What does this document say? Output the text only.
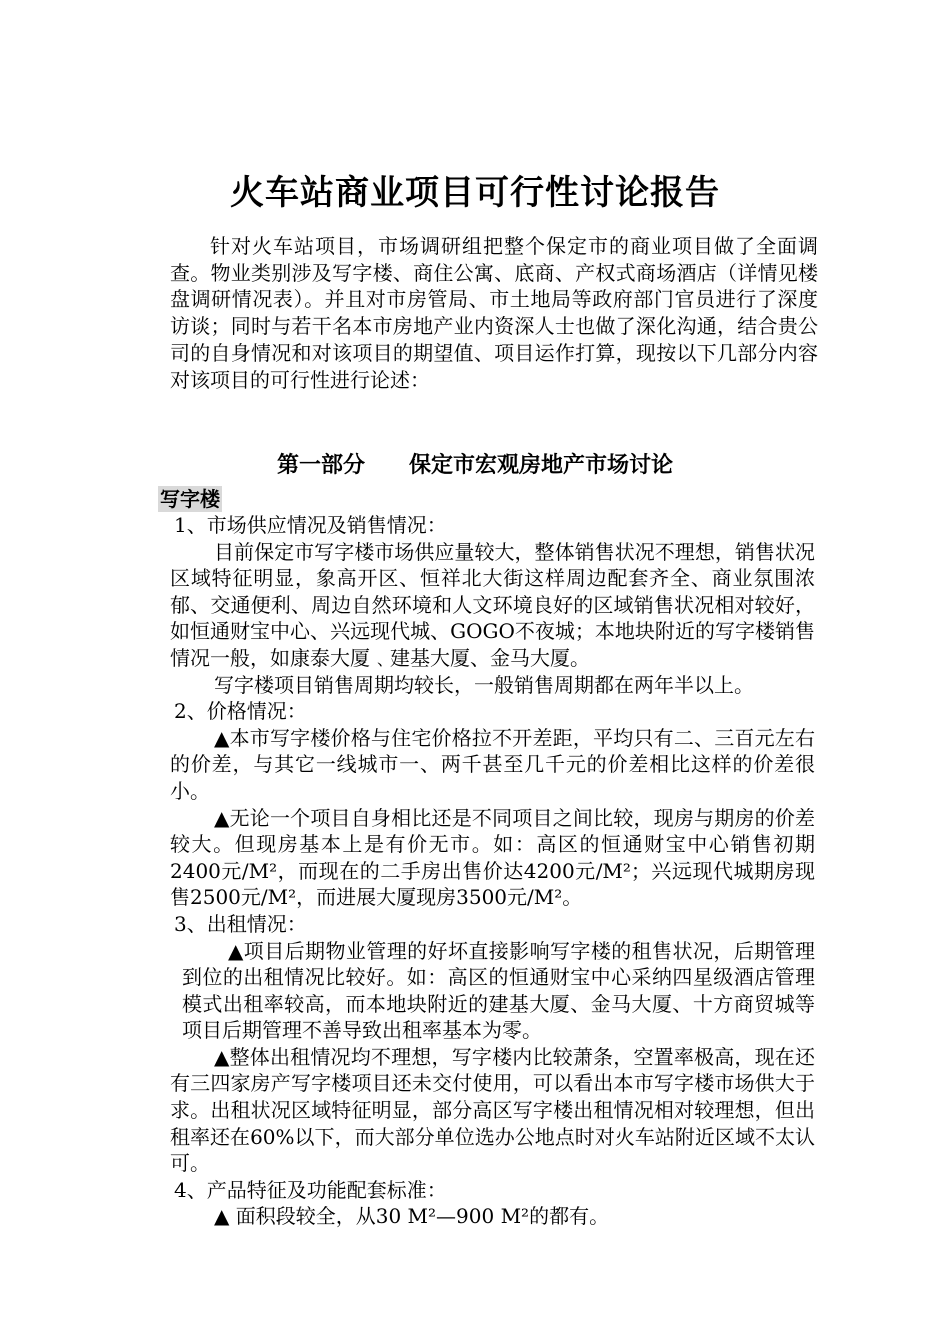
火车站商业项目可行性讨论报告
针对火车站项目，市场调研组把整个保定市的商业项目做了全面调查。物业类别涉及写字楼、商住公寓、底商、产权式商场酒店（详情见楼盘调研情况表）。并且对市房管局、市土地局等政府部门官员进行了深度访谈；同时与若干名本市房地产业内资深人士也做了深化沟通，结合贵公司的自身情况和对该项目的期望值、项目运作打算，现按以下几部分内容对该项目的可行性进行论述：
第一部分 保定市宏观房地产市场讨论
写字楼

1、市场供应情况及销售情况：

目前保定市写字楼市场供应量较大，整体销售状况不理想，销售状况区域特征明显，象高开区、恒祥北大街这样周边配套齐全、商业氛围浓郁、交通便利、周边自然环境和人文环境良好的区域销售状况相对较好，如恒通财宝中心、兴远现代城、GOGO不夜城；本地块附近的写字楼销售情况一般，如康泰大厦﹑建基大厦、金马大厦。

写字楼项目销售周期均较长，一般销售周期都在两年半以上。

2、价格情况：

▲本市写字楼价格与住宅价格拉不开差距，平均只有二、三百元左右的价差，与其它一线城市一、两千甚至几千元的价差相比这样的价差很小。

▲无论一个项目自身相比还是不同项目之间比较，现房与期房的价差较大。但现房基本上是有价无市。如：高区的恒通财宝中心销售初期2400元/M²，而现在的二手房出售价达4200元/M²；兴远现代城期房现售2500元/M²，而进展大厦现房3500元/M²。

3、出租情况：

▲项目后期物业管理的好坏直接影响写字楼的租售状况，后期管理到位的出租情况比较好。如：高区的恒通财宝中心采纳四星级酒店管理模式出租率较高，而本地块附近的建基大厦、金马大厦、十方商贸城等项目后期管理不善导致出租率基本为零。

▲整体出租情况均不理想，写字楼内比较萧条，空置率极高，现在还有三四家房产写字楼项目还未交付使用，可以看出本市写字楼市场供大于求。出租状况区域特征明显，部分高区写字楼出租情况相对较理想，但出租率还在60%以下，而大部分单位选办公地点时对火车站附近区域不太认可。

4、产品特征及功能配套标准：

▲ 面积段较全，从30 M²—900 M²的都有。
